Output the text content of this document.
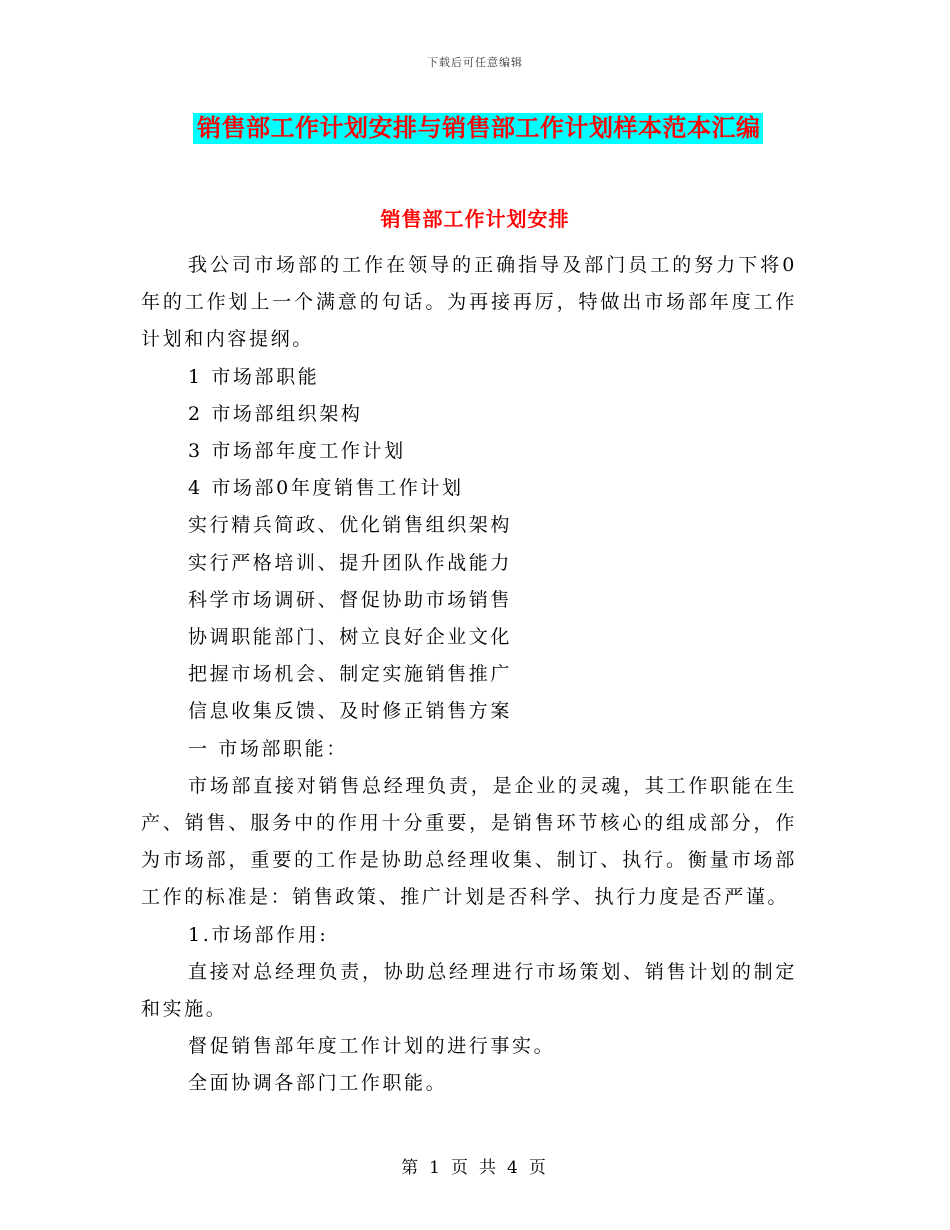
下载后可任意编辑
销售部工作计划安排与销售部工作计划样本范本汇编
销售部工作计划安排

我公司市场部的工作在领导的正确指导及部门员工的努力下将0年的工作划上一个满意的句话。为再接再厉，特做出市场部年度工作计划和内容提纲。

1 市场部职能

2 市场部组织架构

3 市场部年度工作计划

4 市场部0年度销售工作计划

实行精兵简政、优化销售组织架构

实行严格培训、提升团队作战能力

科学市场调研、督促协助市场销售

协调职能部门、树立良好企业文化

把握市场机会、制定实施销售推广

信息收集反馈、及时修正销售方案

一 市场部职能：

市场部直接对销售总经理负责，是企业的灵魂，其工作职能在生产、销售、服务中的作用十分重要，是销售环节核心的组成部分，作为市场部，重要的工作是协助总经理收集、制订、执行。衡量市场部工作的标准是：销售政策、推广计划是否科学、执行力度是否严谨。

1.市场部作用:

直接对总经理负责，协助总经理进行市场策划、销售计划的制定和实施。

督促销售部年度工作计划的进行事实。

全面协调各部门工作职能。

第 1 页 共 4 页
